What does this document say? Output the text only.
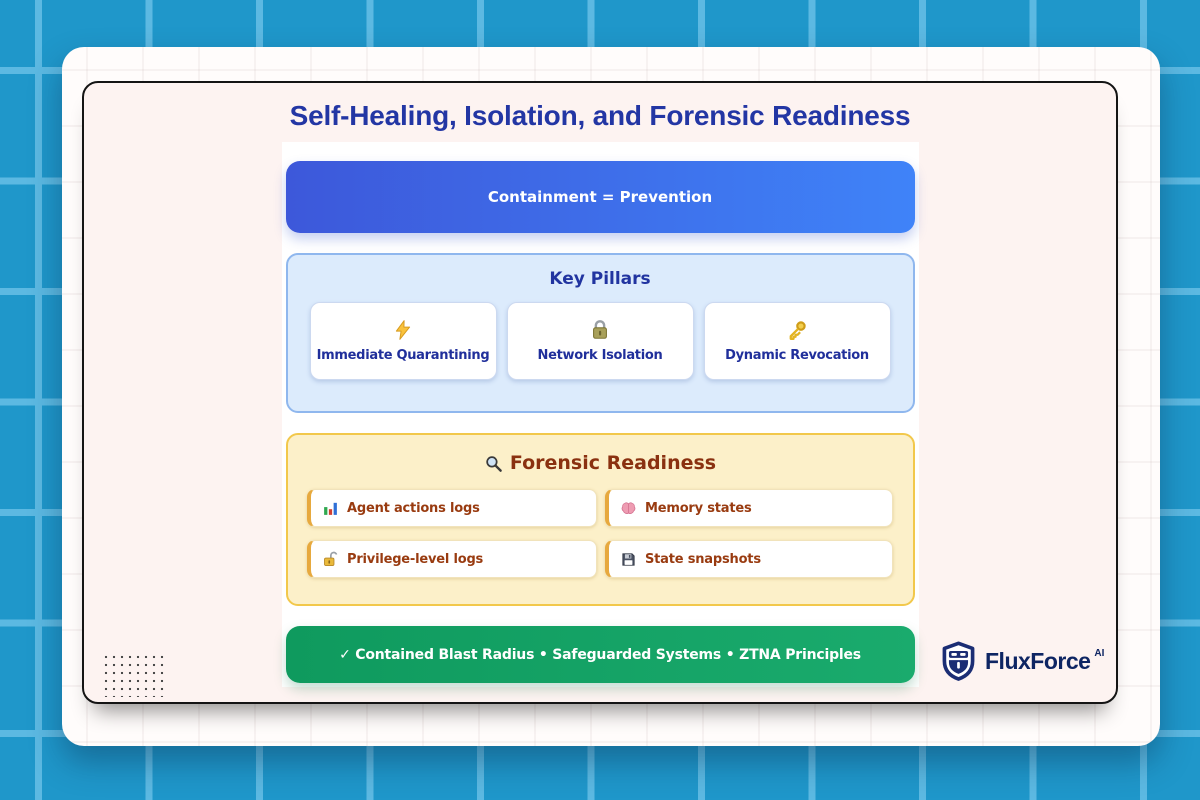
Self-Healing, Isolation, and Forensic Readiness
Containment = Prevention
Key Pillars
Immediate Quarantining	Network Isolation	Dynamic Revocation
Forensic Readiness
Agent actions logs	Memory states
Privilege-level logs	State snapshots
✓ Contained Blast Radius • Safeguarded Systems • ZTNA Principles	FluxForce AI
